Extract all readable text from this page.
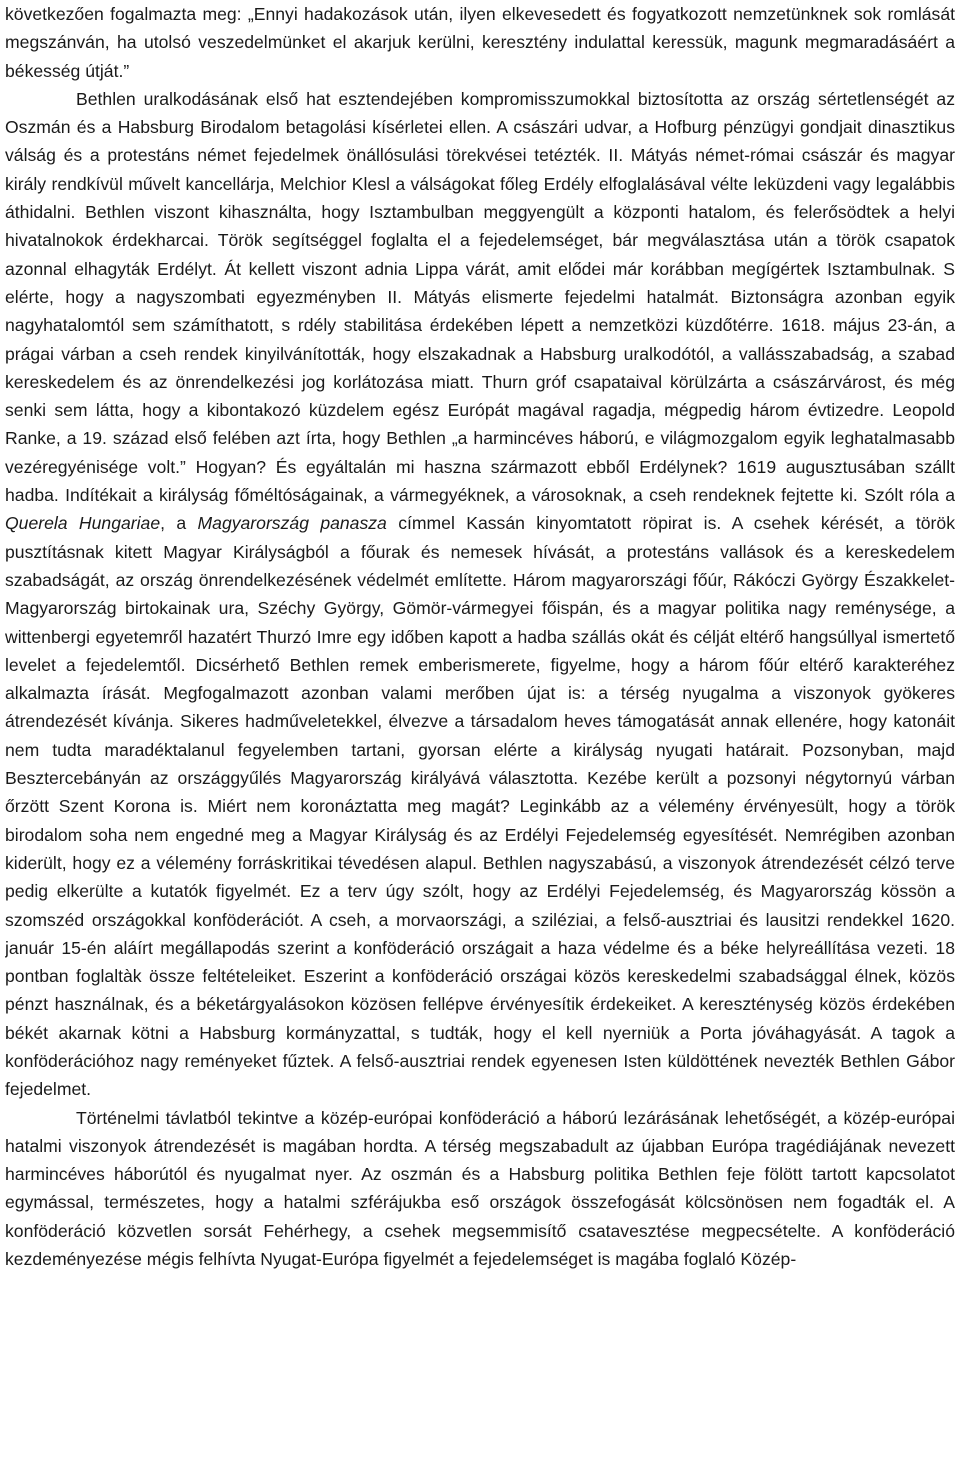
következően fogalmazta meg: „Ennyi hadakozások után, ilyen elkevesedett és fogyatkozott nemzetünknek sok romlását megszánván, ha utolsó veszedelmünket el akarjuk kerülni, keresztény indulattal keressük, magunk megmaradásáért a békesség útját.”

Bethlen uralkodásának első hat esztendejében kompromisszumokkal biztosította az ország sértetlenségét az Oszmán és a Habsburg Birodalom betagolási kísérletei ellen. A császári udvar, a Hofburg pénzügyi gondjait dinasztikus válság és a protestáns német fejedelmek önállósulási törekvései tetézték. II. Mátyás német-római császár és magyar király rendkívül művelt kancellárja, Melchior Klesl a válságokat főleg Erdély elfoglalásával vélte leküzdeni vagy legalábbis áthidalni. Bethlen viszont kihasználta, hogy Isztambulban meggyengült a központi hatalom, és felerősödtek a helyi hivatalnokok érdekharcai. Török segítséggel foglalta el a fejedelemséget, bár megválasztása után a török csapatok azonnal elhagyták Erdélyt. Át kellett viszont adnia Lippa várát, amit elődei már korábban megígértek Isztambulnak. S elérte, hogy a nagyszombati egyezményben II. Mátyás elismerte fejedelmi hatalmát. Biztonságra azonban egyik nagyhatalomtól sem számíthatott, s rdély stabilitása érdekében lépett a nemzetközi küzdőtérre. 1618. május 23-án, a prágai várban a cseh rendek kinyilvánították, hogy elszakadnak a Habsburg uralkodótól, a vallásszabadság, a szabad kereskedelem és az önrendelkezési jog korlátozása miatt. Thurn gróf csapataival körülzárta a császárvárost, és még senki sem látta, hogy a kibontakozó küzdelem egész Európát magával ragadja, mégpedig három évtizedre. Leopold Ranke, a 19. század első felében azt írta, hogy Bethlen „a harmincéves háború, e világmozgalom egyik leghatalmasabb vezéregyénisége volt.” Hogyan? És egyáltalán mi haszna származott ebből Erdélynek? 1619 augusztusában szállt hadba. Indítékait a királyság főméltóságainak, a vármegyéknek, a városoknak, a cseh rendeknek fejtette ki. Szólt róla a Querela Hungariae, a Magyarország panasza címmel Kassán kinyomtatott röpirat is. A csehek kérését, a török pusztításnak kitett Magyar Királyságból a főurak és nemesek hívását, a protestáns vallások és a kereskedelem szabadságát, az ország önrendelkezésének védelmét említette. Három magyarországi főúr, Rákóczi György Északkelet-Magyarország birtokainak ura, Széchy György, Gömör-vármegyei főispán, és a magyar politika nagy reménysége, a wittenbergi egyetemről hazatért Thurzó Imre egy időben kapott a hadba szállás okát és célját eltérő hangsúllyal ismertető levelet a fejedelemtől. Dicsérhető Bethlen remek emberismerete, figyelme, hogy a három főúr eltérő karakteréhez alkalmazta írását. Megfogalmazott azonban valami merőben újat is: a térség nyugalma a viszonyok gyökeres átrendezését kívánja. Sikeres hadműveletekkel, élvezve a társadalom heves támogatását annak ellenére, hogy katonáit nem tudta maradéktalanul fegyelemben tartani, gyorsan elérte a királyság nyugati határait. Pozsonyban, majd Besztercebányán az országgyűlés Magyarország királyává választotta. Kezébe került a pozsonyi négytornyú várban őrzött Szent Korona is. Miért nem koronáztatta meg magát? Leginkább az a vélemény érvényesült, hogy a török birodalom soha nem engedné meg a Magyar Királyság és az Erdélyi Fejedelemség egyesítését. Nemrégiben azonban kiderült, hogy ez a vélemény forráskritikai tévedésen alapul. Bethlen nagyszabású, a viszonyok átrendezését célzó terve pedig elkerülte a kutatók figyelmét. Ez a terv úgy szólt, hogy az Erdélyi Fejedelemség, és Magyarország kössön a szomszéd országokkal konföderációt. A cseh, a morvaországi, a sziléziai, a felső-ausztriai és lausitzi rendekkel 1620. január 15-én aláírt megállapodás szerint a konföderáció országait a haza védelme és a béke helyreállítása vezeti. 18 pontban foglaltàk össze feltételeiket. Eszerint a konföderáció országai közös kereskedelmi szabadsággal élnek, közös pénzt használnak, és a béketárgyalásokon közösen fellépve érvényesítik érdekeiket. A kereszténység közös érdekében békét akarnak kötni a Habsburg kormányzattal, s tudták, hogy el kell nyerniük a Porta jóváhagyását. A tagok a konföderációhoz nagy reményeket fűztek. A felső-ausztriai rendek egyenesen Isten küldöttének nevezték Bethlen Gábor fejedelmet.

Történelmi távlatból tekintve a közép-európai konföderáció a háború lezárásának lehetőségét, a közép-európai hatalmi viszonyok átrendezését is magában hordta. A térség megszabadult az újabban Európa tragédiájának nevezett harmincéves háborútól és nyugalmat nyer. Az oszmán és a Habsburg politika Bethlen feje fölött tartott kapcsolatot egymással, természetes, hogy a hatalmi szférájukba eső országok összefogását kölcsönösen nem fogadták el. A konföderáció közvetlen sorsát Fehérhegy, a csehek megsemmisítő csatavesztése megpecsételte. A konföderáció kezdeményezése mégis felhívta Nyugat-Európa figyelmét a fejedelemséget is magába foglaló Közép-
